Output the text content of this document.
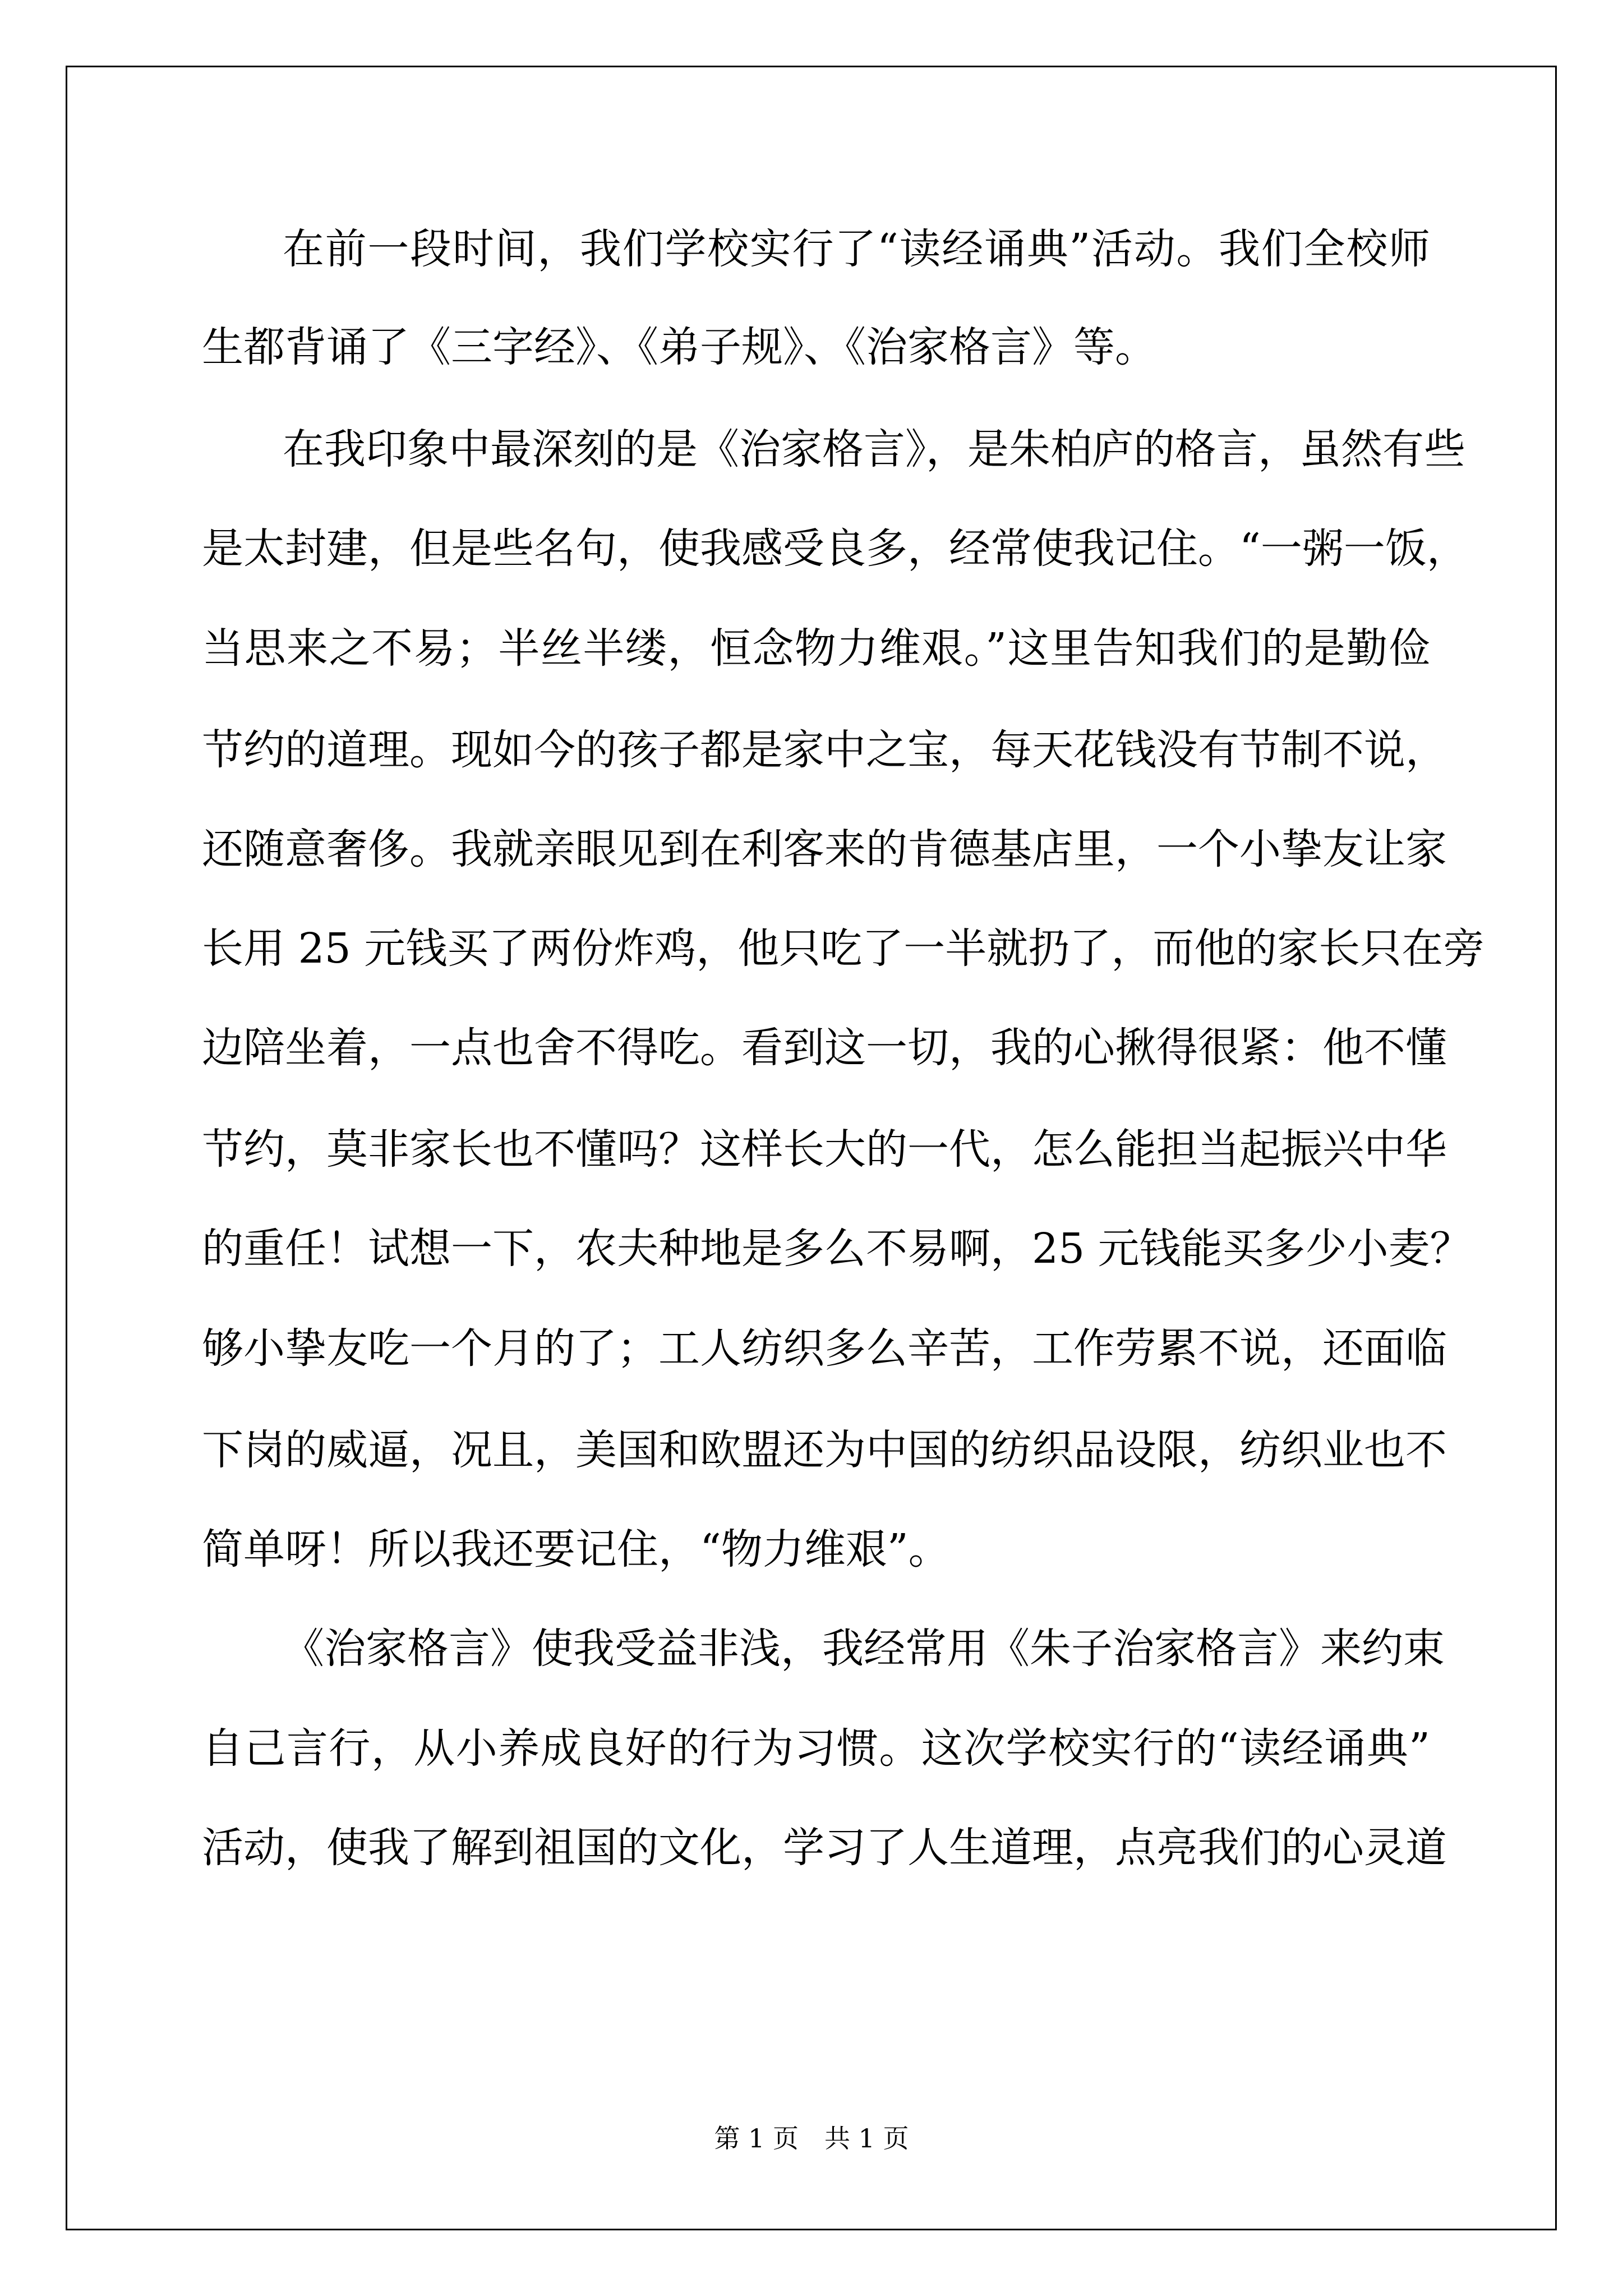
在前一段时间，我们学校实行了“读经诵典”活动。我们全校师
生都背诵了《三字经》、《弟子规》、《治家格言》等。
在我印象中最深刻的是《治家格言》，是朱柏庐的格言，虽然有些
是太封建，但是些名句，使我感受良多，经常使我记住。“一粥一饭，
当思来之不易；半丝半缕，恒念物力维艰。”这里告知我们的是勤俭
节约的道理。现如今的孩子都是家中之宝，每天花钱没有节制不说，
还随意奢侈。我就亲眼见到在利客来的肯德基店里，一个小挚友让家
长用 25 元钱买了两份炸鸡，他只吃了一半就扔了，而他的家长只在旁
边陪坐着，一点也舍不得吃。看到这一切，我的心揪得很紧：他不懂
节约，莫非家长也不懂吗？这样长大的一代，怎么能担当起振兴中华
的重任！试想一下，农夫种地是多么不易啊，25 元钱能买多少小麦？
够小挚友吃一个月的了；工人纺织多么辛苦，工作劳累不说，还面临
下岗的威逼，况且，美国和欧盟还为中国的纺织品设限，纺织业也不
简单呀！所以我还要记住，“物力维艰”。
《治家格言》使我受益非浅，我经常用《朱子治家格言》来约束
自己言行，从小养成良好的行为习惯。这次学校实行的“读经诵典”
活动，使我了解到祖国的文化，学习了人生道理，点亮我们的心灵道
第 1 页 共 1 页
